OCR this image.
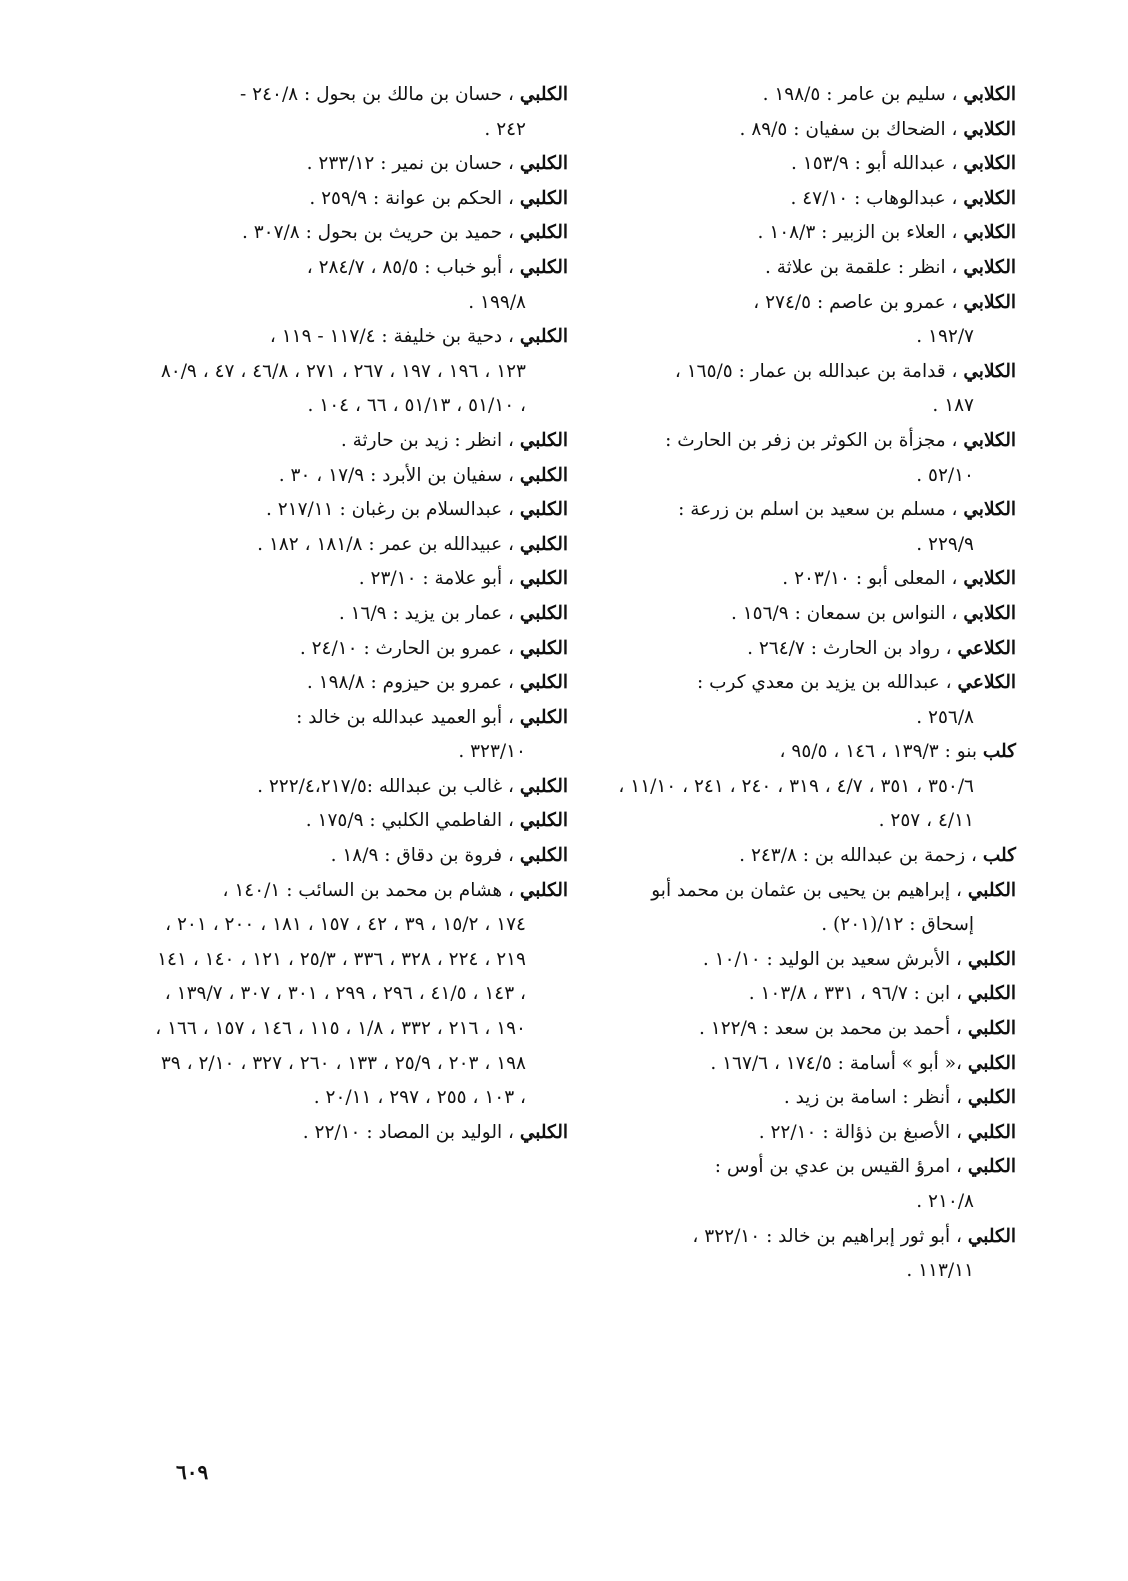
الكلابي ، سليم بن عامر : ١٩٨/٥ .

الكلابي ، الضحاك بن سفيان : ٨٩/٥ .

الكلابي ، عبدالله أبو : ١٥٣/٩ .

الكلابي ، عبدالوهاب : ٤٧/١٠ .

الكلابي ، العلاء بن الزبير : ١٠٨/٣ .

الكلابي ، انظر : علقمة بن علاثة .

الكلابي ، عمرو بن عاصم : ٢٧٤/٥ ،
١٩٢/٧ .

الكلابي ، قدامة بن عبدالله بن عمار : ١٦٥/٥ ،
١٨٧ .

الكلابي ، مجزأة بن الكوثر بن زفر بن الحارث :
٥٢/١٠ .

الكلابي ، مسلم بن سعيد بن اسلم بن زرعة :
٢٢٩/٩ .

الكلابي ، المعلى أبو : ٢٠٣/١٠ .

الكلابي ، النواس بن سمعان : ١٥٦/٩ .

الكلاعي ، رواد بن الحارث : ٢٦٤/٧ .

الكلاعي ، عبدالله بن يزيد بن معدي كرب :
٢٥٦/٨ .

كلب بنو : ١٣٩/٣ ، ١٤٦ ، ٩٥/٥ ،
٣٥٠/٦ ، ٣٥١ ، ٤/٧ ، ٣١٩ ، ٢٤٠ ، ٢٤١ ، ١١/١٠ ، ٤/١١ ، ٢٥٧ .

كلب ، زحمة بن عبدالله بن : ٢٤٣/٨ .

الكلبي ، إبراهيم بن يحيى بن عثمان بن محمد أبو
إسحاق : ١٢/(٢٠١) .

الكلبي ، الأبرش سعيد بن الوليد : ١٠/١٠ .

الكلبي ، ابن : ٩٦/٧ ، ٣٣١ ، ١٠٣/٨ .

الكلبي ، أحمد بن محمد بن سعد : ١٢٢/٩ .

الكلبي ،« أبو » أسامة : ١٧٤/٥ ، ١٦٧/٦ .

الكلبي ، أنظر : اسامة بن زيد .

الكلبي ، الأصبغ بن ذؤالة : ٢٢/١٠ .

الكلبي ، امرؤ القيس بن عدي بن أوس :
٢١٠/٨ .

الكلبي ، أبو ثور إبراهيم بن خالد : ٣٢٢/١٠ ،
١١٣/١١ .

الكلبي ، حسان بن مالك بن بحول : ٢٤٠/٨ -
٢٤٢ .

الكلبي ، حسان بن نمير : ٢٣٣/١٢ .

الكلبي ، الحكم بن عوانة : ٢٥٩/٩ .

الكلبي ، حميد بن حريث بن بحول : ٣٠٧/٨ .

الكلبي ، أبو خباب : ٨٥/٥ ، ٢٨٤/٧ ،
١٩٩/٨ .

الكلبي ، دحية بن خليفة : ١١٧/٤ - ١١٩ ،
١٢٣ ، ١٩٦ ، ١٩٧ ، ٢٦٧ ، ٢٧١ ، ٤٦/٨ ، ٤٧ ، ٨٠/٩ ، ٥١/١٠ ، ٥١/١٣ ، ٦٦ ، ١٠٤ .

الكلبي ، انظر : زيد بن حارثة .

الكلبي ، سفيان بن الأبرد : ١٧/٩ ، ٣٠ .

الكلبي ، عبدالسلام بن رغبان : ٢١٧/١١ .

الكلبي ، عبيدالله بن عمر : ١٨١/٨ ، ١٨٢ .

الكلبي ، أبو علامة : ٢٣/١٠ .

الكلبي ، عمار بن يزيد : ١٦/٩ .

الكلبي ، عمرو بن الحارث : ٢٤/١٠ .

الكلبي ، عمرو بن حيزوم : ١٩٨/٨ .

الكلبي ، أبو العميد عبدالله بن خالد :
٣٢٣/١٠ .

الكلبي ، غالب بن عبدالله :٢٢٢/٤،٢١٧/٥ .

الكلبي ، الفاطمي الكلبي : ١٧٥/٩ .

الكلبي ، فروة بن دقاق : ١٨/٩ .

الكلبي ، هشام بن محمد بن السائب : ١٤٠/١ ،
١٧٤ ، ١٥/٢ ، ٣٩ ، ٤٢ ، ١٥٧ ، ١٨١ ، ٢٠٠ ، ٢٠١ ، ٢١٩ ، ٢٢٤ ، ٣٢٨ ، ٣٣٦ ، ٢٥/٣ ، ١٢١ ، ١٤٠ ، ١٤١ ، ١٤٣ ، ٤١/٥ ، ٢٩٦ ، ٢٩٩ ، ٣٠١ ، ٣٠٧ ، ١٣٩/٧ ، ١٩٠ ، ٢١٦ ، ٣٣٢ ، ١/٨ ، ١١٥ ، ١٤٦ ، ١٥٧ ، ١٦٦ ، ١٩٨ ، ٢٠٣ ، ٢٥/٩ ، ١٣٣ ، ٢٦٠ ، ٣٢٧ ، ٢/١٠ ، ٣٩ ، ١٠٣ ، ٢٥٥ ، ٢٩٧ ، ٢٠/١١ .

الكلبي ، الوليد بن المصاد : ٢٢/١٠ .

٦٠٩
